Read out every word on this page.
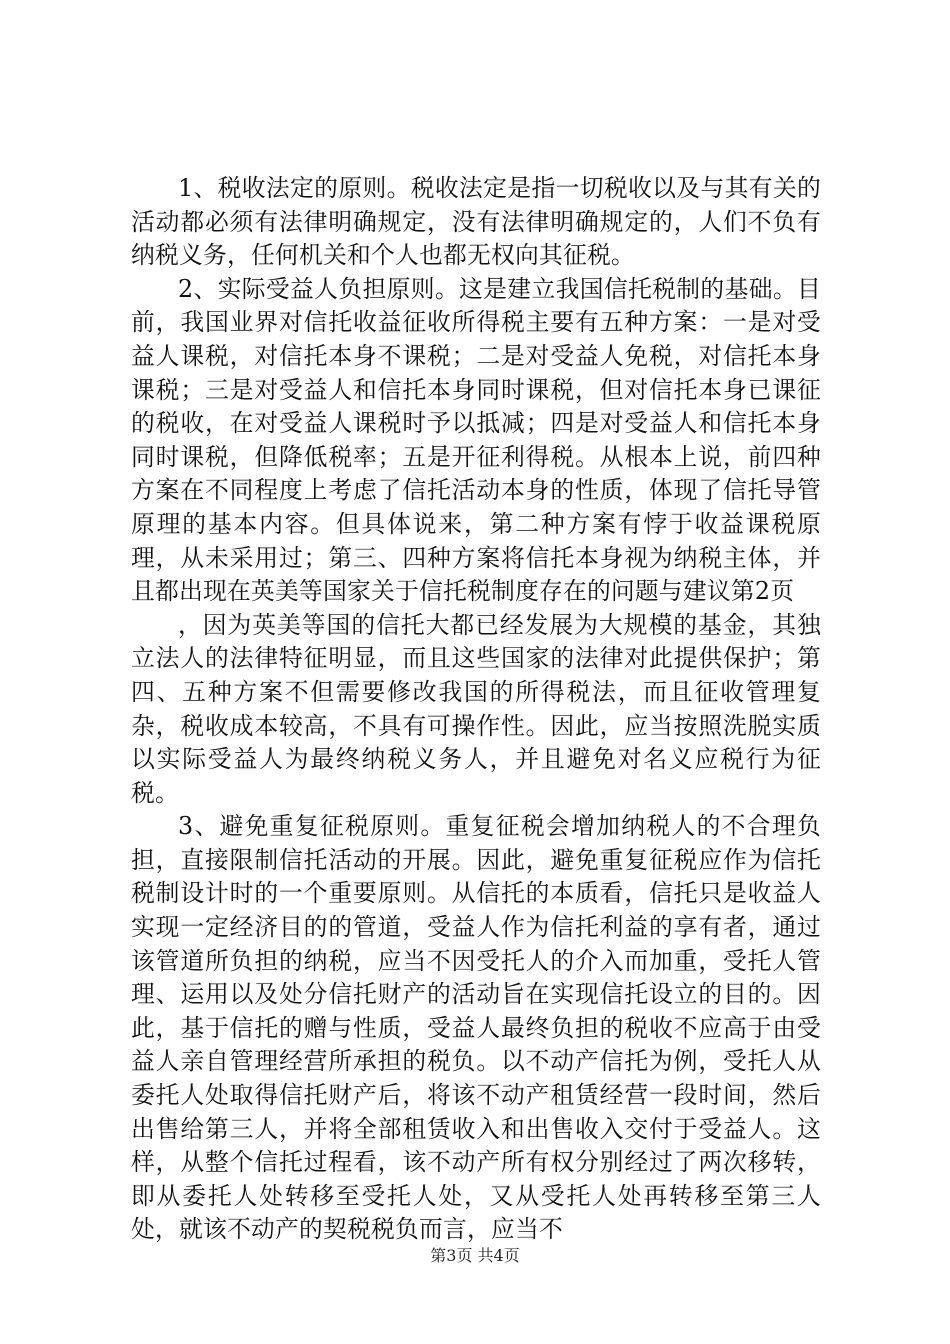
1、税收法定的原则。税收法定是指一切税收以及与其有关的活动都必须有法律明确规定，没有法律明确规定的，人们不负有纳税义务，任何机关和个人也都无权向其征税。

2、实际受益人负担原则。这是建立我国信托税制的基础。目前，我国业界对信托收益征收所得税主要有五种方案：一是对受益人课税，对信托本身不课税；二是对受益人免税，对信托本身课税；三是对受益人和信托本身同时课税，但对信托本身已课征的税收，在对受益人课税时予以抵减；四是对受益人和信托本身同时课税，但降低税率；五是开征利得税。从根本上说，前四种方案在不同程度上考虑了信托活动本身的性质，体现了信托导管原理的基本内容。但具体说来，第二种方案有悖于收益课税原理，从未采用过；第三、四种方案将信托本身视为纳税主体，并且都出现在英美等国家关于信托税制度存在的问题与建议第2页

，因为英美等国的信托大都已经发展为大规模的基金，其独立法人的法律特征明显，而且这些国家的法律对此提供保护；第四、五种方案不但需要修改我国的所得税法，而且征收管理复杂，税收成本较高，不具有可操作性。因此，应当按照洗脱实质以实际受益人为最终纳税义务人，并且避免对名义应税行为征税。

3、避免重复征税原则。重复征税会增加纳税人的不合理负担，直接限制信托活动的开展。因此，避免重复征税应作为信托税制设计时的一个重要原则。从信托的本质看，信托只是收益人实现一定经济目的的管道，受益人作为信托利益的享有者，通过该管道所负担的纳税，应当不因受托人的介入而加重，受托人管理、运用以及处分信托财产的活动旨在实现信托设立的目的。因此，基于信托的赠与性质，受益人最终负担的税收不应高于由受益人亲自管理经营所承担的税负。以不动产信托为例，受托人从委托人处取得信托财产后，将该不动产租赁经营一段时间，然后出售给第三人，并将全部租赁收入和出售收入交付于受益人。这样，从整个信托过程看，该不动产所有权分别经过了两次移转，即从委托人处转移至受托人处，又从受托人处再转移至第三人处，就该不动产的契税税负而言，应当不

第3页 共4页
